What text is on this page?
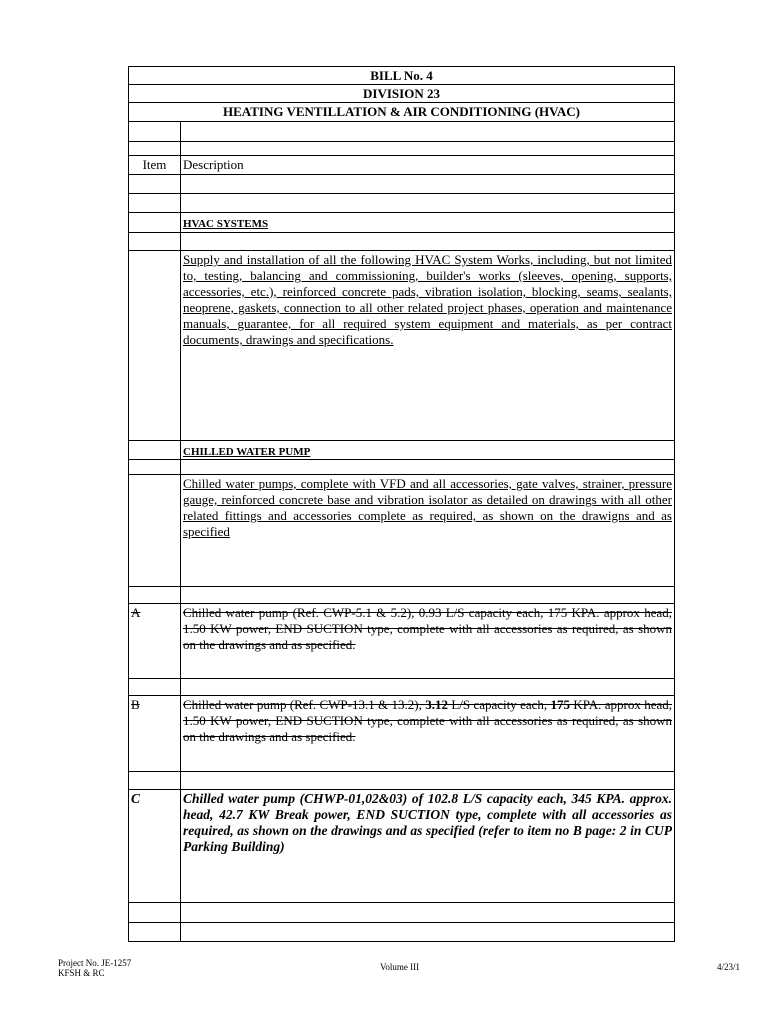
BILL No. 4
DIVISION 23
HEATING VENTILLATION & AIR CONDITIONING (HVAC)
Item	Description
HVAC SYSTEMS
Supply and installation of all the following HVAC System Works, including, but not limited to, testing, balancing and commissioning, builder's works (sleeves, opening, supports, accessories, etc.), reinforced concrete pads, vibration isolation, blocking, seams, sealants, neoprene, gaskets, connection to all other related project phases, operation and maintenance manuals, guarantee, for all required system equipment and materials, as per contract documents, drawings and specifications.
CHILLED WATER PUMP
Chilled water pumps, complete with VFD and all accessories, gate valves, strainer, pressure gauge, reinforced concrete base and vibration isolator as detailed on drawings with all other related fittings and accessories complete as required, as shown on the drawigns and as specified
A	Chilled water pump (Ref. CWP-5.1 & 5.2), 0.93 L/S capacity each, 175 KPA. approx head, 1.50 KW power, END SUCTION type, complete with all accessories as required, as shown on the drawings and as specified.
B	Chilled water pump (Ref. CWP-13.1 & 13.2), 3.12 L/S capacity each, 175 KPA. approx head, 1.50 KW power, END SUCTION type, complete with all accessories as required, as shown on the drawings and as specified.
C	Chilled water pump (CHWP-01,02&03) of 102.8 L/S capacity each, 345 KPA. approx. head, 42.7 KW Break power, END SUCTION type, complete with all accessories as required, as shown on the drawings and as specified (refer to item no B page: 2 in CUP Parking Building)
Project No. JE-1257
KFSH & RC
Volume III	4/23/1
